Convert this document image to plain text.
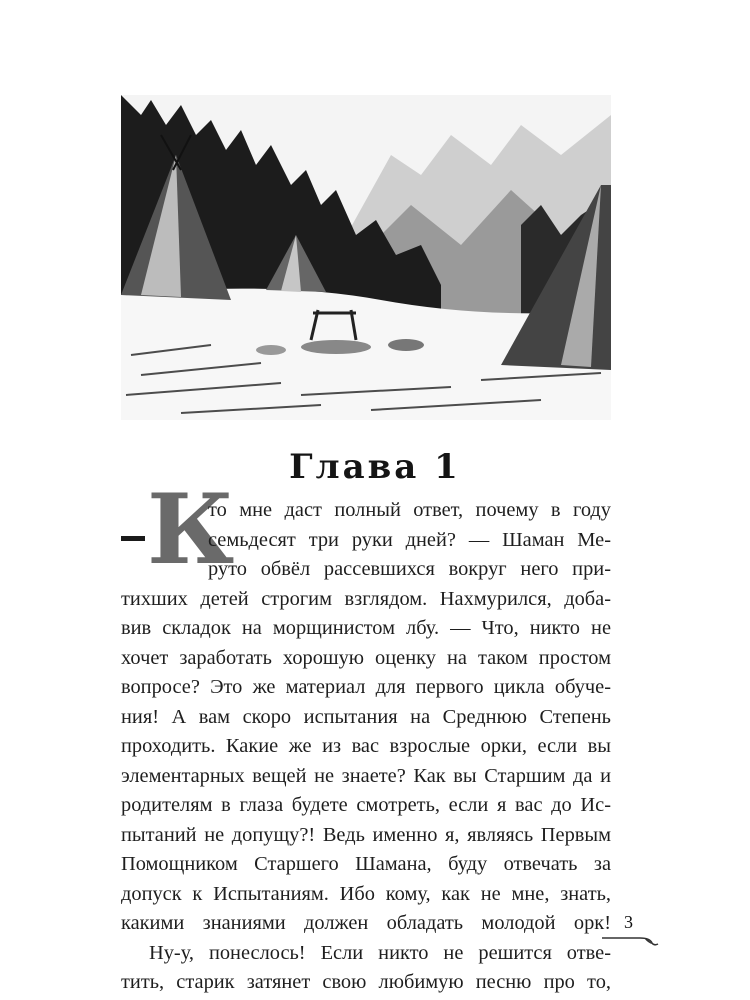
Глава 1
К
то мне даст полный ответ, почему в году
семьдесят три руки дней? — Шаман Ме-
руто обвёл рассевшихся вокруг него при-
тихших детей строгим взглядом. Нахмурился, доба-
вив складок на морщинистом лбу. — Что, никто не
хочет заработать хорошую оценку на таком простом
вопросе? Это же материал для первого цикла обуче-
ния! А вам скоро испытания на Среднюю Степень
проходить. Какие же из вас взрослые орки, если вы
элементарных вещей не знаете? Как вы Старшим да и
родителям в глаза будете смотреть, если я вас до Ис-
пытаний не допущу?! Ведь именно я, являясь Первым
Помощником Старшего Шамана, буду отвечать за
допуск к Испытаниям. Ибо кому, как не мне, знать,
какими знаниями должен обладать молодой орк!
Ну-у, понеслось! Если никто не решится отве-
тить, старик затянет свою любимую песню про то,
3
